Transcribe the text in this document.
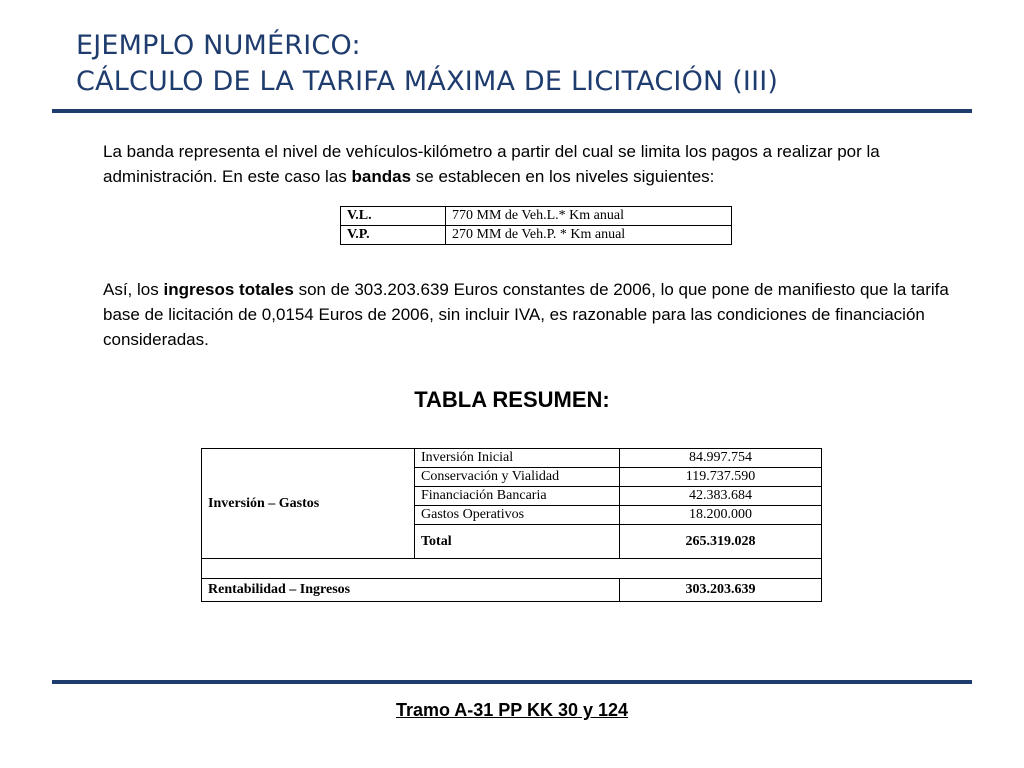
EJEMPLO NUMÉRICO:
CÁLCULO DE LA TARIFA MÁXIMA DE LICITACIÓN (III)

La banda representa el nivel de vehículos-kilómetro a partir del cual se limita los pagos a realizar por la administración. En este caso las bandas se establecen en los niveles siguientes:

V.L.	770 MM de Veh.L.* Km anual
V.P.	270 MM de Veh.P. * Km anual

Así, los ingresos totales son de 303.203.639 Euros constantes de 2006, lo que pone de manifiesto que la tarifa base de licitación de 0,0154 Euros de 2006, sin incluir IVA, es razonable para las condiciones de financiación consideradas.

TABLA RESUMEN:
Inversión – Gastos	Inversión Inicial	84.997.754
	Conservación y Vialidad	119.737.590
	Financiación Bancaria	42.383.684
	Gastos Operativos	18.200.000
	Total	265.319.028

Rentabilidad – Ingresos		303.203.639

Tramo A-31 PP KK 30 y 124
